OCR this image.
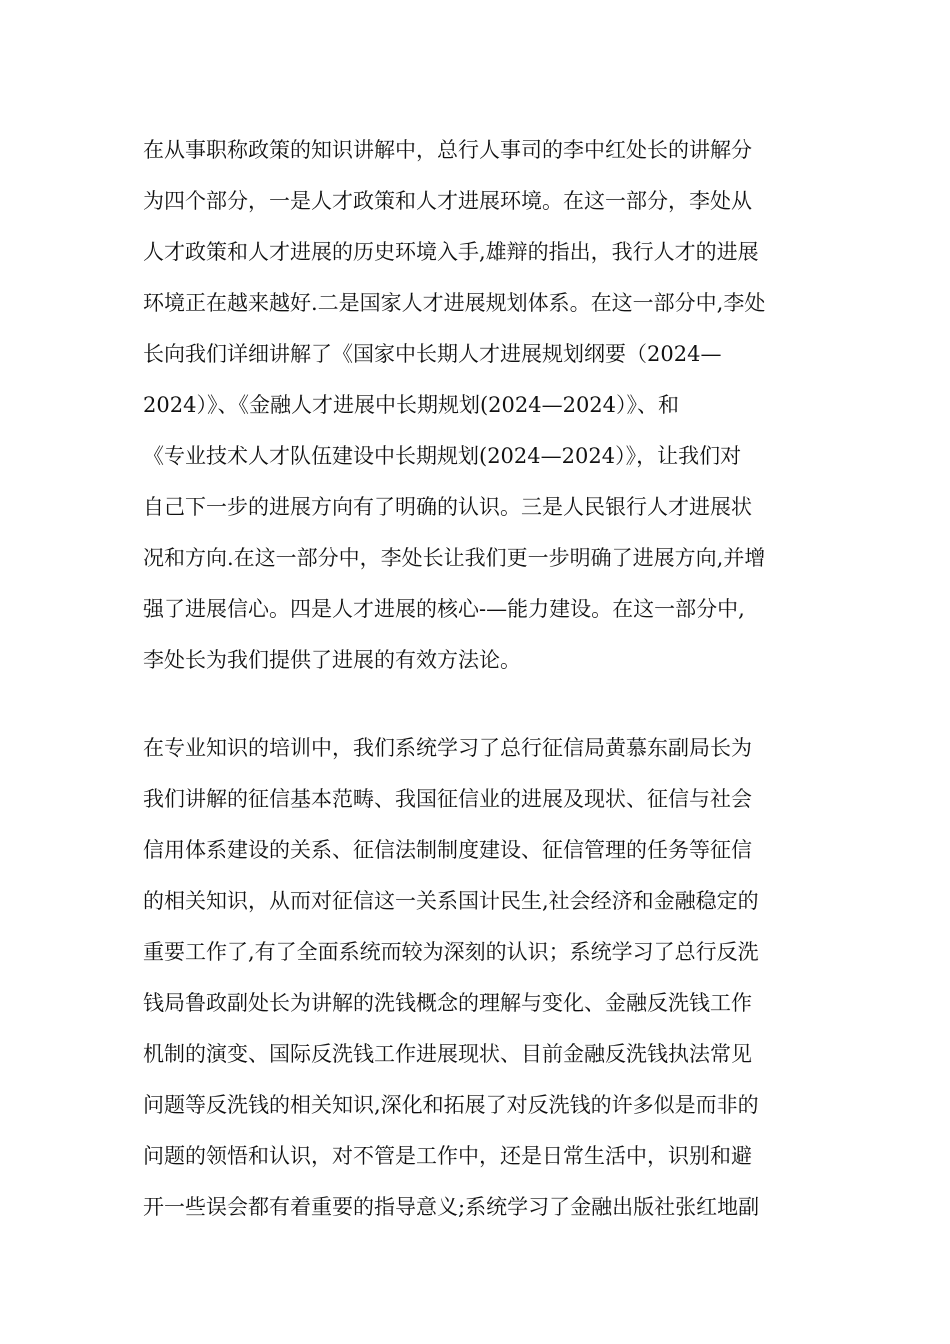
在从事职称政策的知识讲解中，总行人事司的李中红处长的讲解分
为四个部分，一是人才政策和人才进展环境。在这一部分，李处从
人才政策和人才进展的历史环境入手,雄辩的指出，我行人才的进展
环境正在越来越好.二是国家人才进展规划体系。在这一部分中,李处
长向我们详细讲解了《国家中长期人才进展规划纲要（2024—
2024）》、《金融人才进展中长期规划(2024—2024）》、和
《专业技术人才队伍建设中长期规划(2024—2024）》，让我们对
自己下一步的进展方向有了明确的认识。三是人民银行人才进展状
况和方向.在这一部分中，李处长让我们更一步明确了进展方向,并增
强了进展信心。四是人才进展的核心-—能力建设。在这一部分中,
李处长为我们提供了进展的有效方法论。
在专业知识的培训中，我们系统学习了总行征信局黄慕东副局长为
我们讲解的征信基本范畴、我国征信业的进展及现状、征信与社会
信用体系建设的关系、征信法制制度建设、征信管理的任务等征信
的相关知识，从而对征信这一关系国计民生,社会经济和金融稳定的
重要工作了,有了全面系统而较为深刻的认识；系统学习了总行反洗
钱局鲁政副处长为讲解的洗钱概念的理解与变化、金融反洗钱工作
机制的演变、国际反洗钱工作进展现状、目前金融反洗钱执法常见
问题等反洗钱的相关知识,深化和拓展了对反洗钱的许多似是而非的
问题的领悟和认识，对不管是工作中，还是日常生活中，识别和避
开一些误会都有着重要的指导意义;系统学习了金融出版社张红地副
